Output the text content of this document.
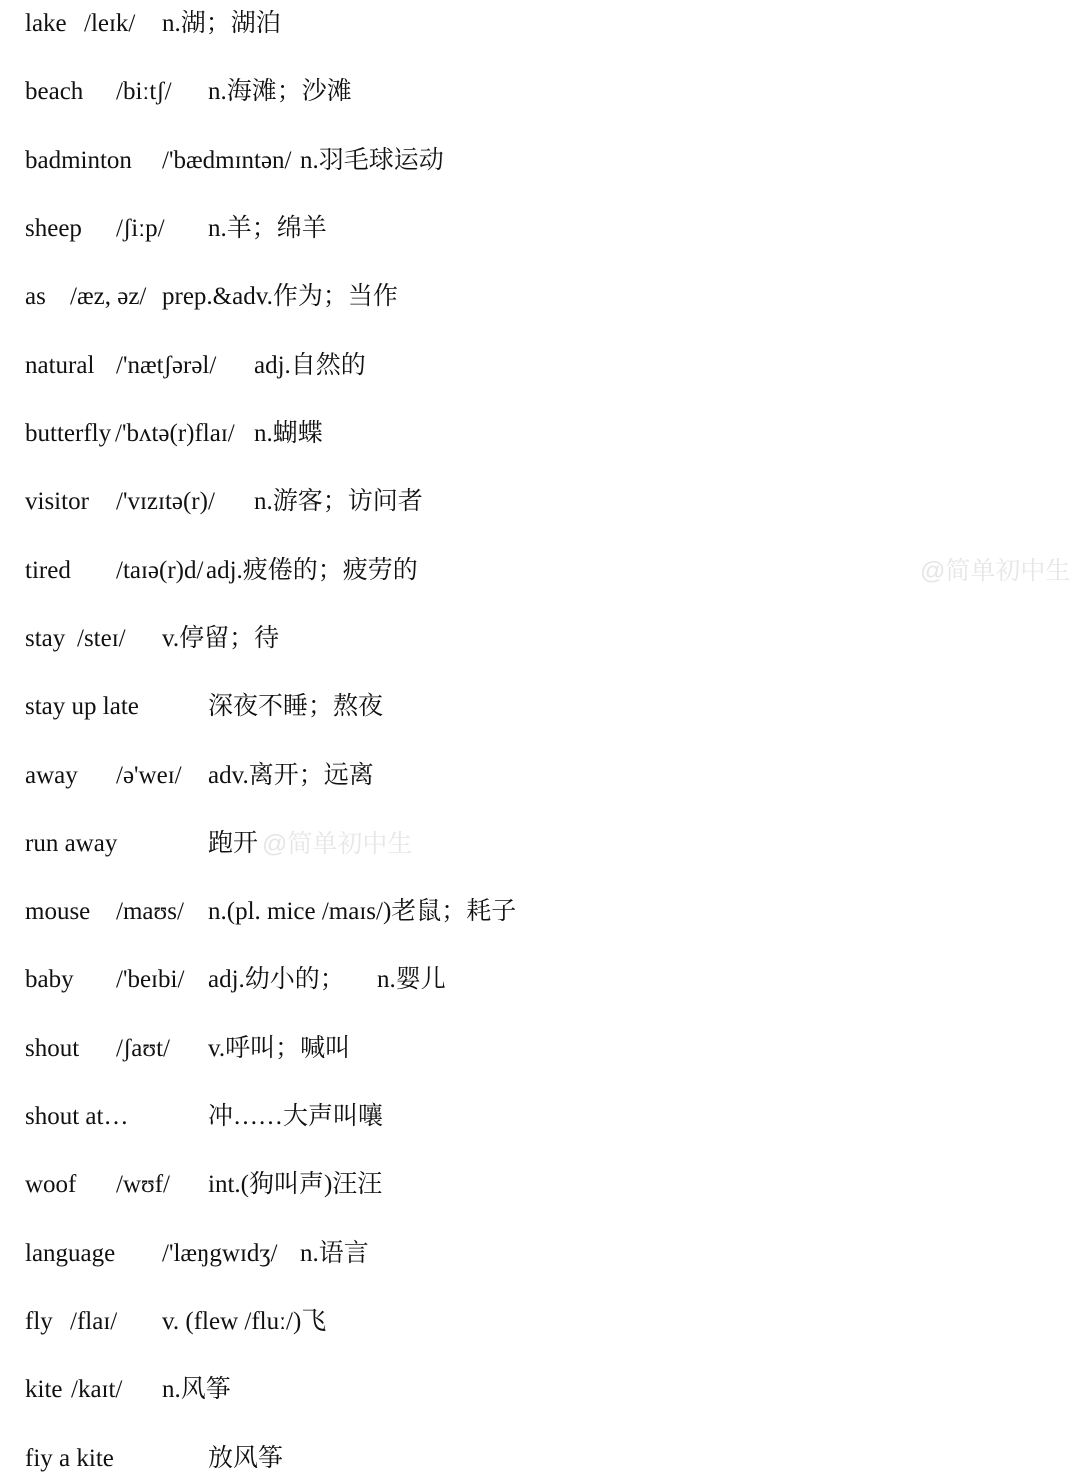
lake /leɪk/ n.湖；湖泊
beach /biːtʃ/ n.海滩；沙滩
badminton /'bædmɪntən/ n.羽毛球运动
sheep /ʃiːp/ n.羊；绵羊
as /æz, əz/ prep.&adv.作为；当作
natural /'nætʃərəl/ adj.自然的
butterfly /'bʌtə(r)flaɪ/ n.蝴蝶
visitor /'vɪzɪtə(r)/ n.游客；访问者
tired /taɪə(r)d/ adj.疲倦的；疲劳的
stay /steɪ/ v.停留；待
stay up late	深夜不睡；熬夜
away /ə'weɪ/ adv.离开；远离
run away	跑开
mouse /maʊs/ n.(pl. mice /maɪs/)老鼠；耗子
baby /'beɪbi/ adj.幼小的； n.婴儿
shout /ʃaʊt/ v.呼叫；喊叫
shout at…	冲……大声叫嚷
woof /wʊf/ int.(狗叫声)汪汪
language /'læŋgwɪdʒ/ n.语言
fly /flaɪ/ v. (flew /fluː/)飞
kite /kaɪt/ n.风筝
fiy a kite	放风筝
@简单初中生
@简单初中生
